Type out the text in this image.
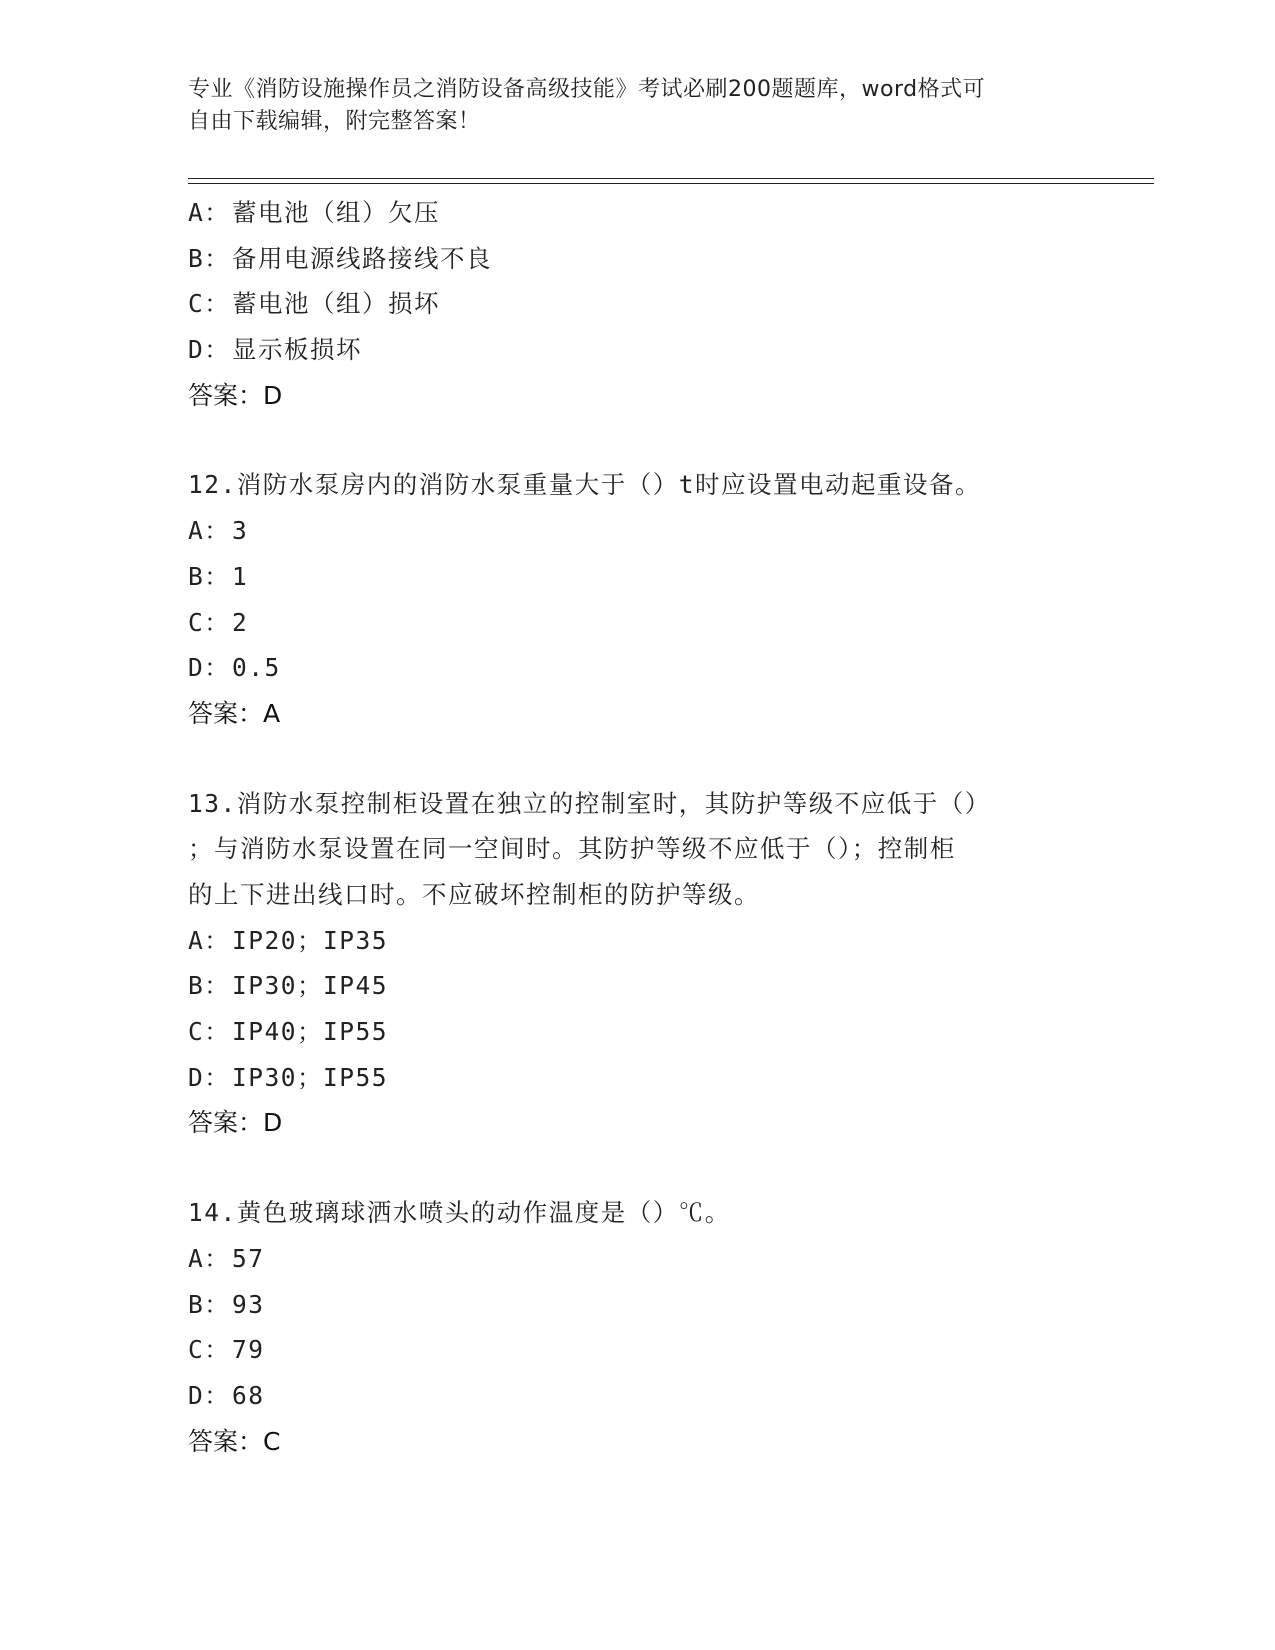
专业《消防设施操作员之消防设备高级技能》考试必刷200题题库，word格式可
自由下载编辑，附完整答案！
A：蓄电池（组）欠压
B：备用电源线路接线不良
C：蓄电池（组）损坏
D：显示板损坏
答案：D
12.消防水泵房内的消防水泵重量大于（）t时应设置电动起重设备。
A：3
B：1
C：2
D：0.5
答案：A
13.消防水泵控制柜设置在独立的控制室时，其防护等级不应低于（）
；与消防水泵设置在同一空间时。其防护等级不应低于（）；控制柜
的上下进出线口时。不应破坏控制柜的防护等级。
A：IP20；IP35
B：IP30；IP45
C：IP40；IP55
D：IP30；IP55
答案：D
14.黄色玻璃球洒水喷头的动作温度是（）℃。
A：57
B：93
C：79
D：68
答案：C
